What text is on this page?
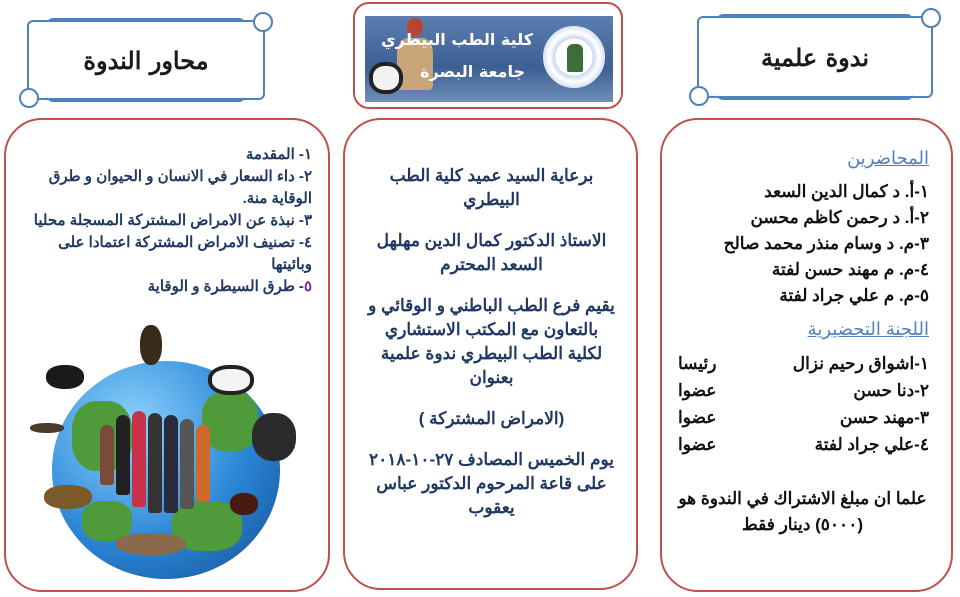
ندوة علمية
محاور الندوة
كلية الطب البيطري
جامعة البصرة
المحاضرين
١-أ. د كمال الدين السعد
٢-أ. د رحمن كاظم محسن
٣-م. د وسام منذر محمد صالح
٤-م. م مهند حسن لفتة
٥-م. م علي جراد لفتة
اللجنة التحضيرية
١-اشواق رحيم نزال
رئيسا
٢-دنا حسن
عضوا
٣-مهند حسن
عضوا
٤-علي جراد لفتة
عضوا
علما ان مبلغ الاشتراك في الندوة هو (٥٠٠٠) دينار فقط

برعاية السيد عميد كلية الطب البيطري

الاستاذ الدكتور كمال الدين مهلهل السعد المحترم

يقيم فرع الطب الباطني و الوقائي و بالتعاون مع المكتب الاستشاري لكلية الطب البيطري ندوة علمية بعنوان

(الامراض المشتركة )

يوم الخميس المصادف ٢٧-١٠-٢٠١٨ على قاعة المرحوم الدكتور عباس يعقوب

١- المقدمة
٢- داء السعار في الانسان و الحيوان و طرق الوقاية منة.
٣- نبذة عن الامراض المشتركة المسجلة محليا
٤- تصنيف الامراض المشتركة اعتمادا على وبائيتها
٥- طرق السيطرة و الوقاية
